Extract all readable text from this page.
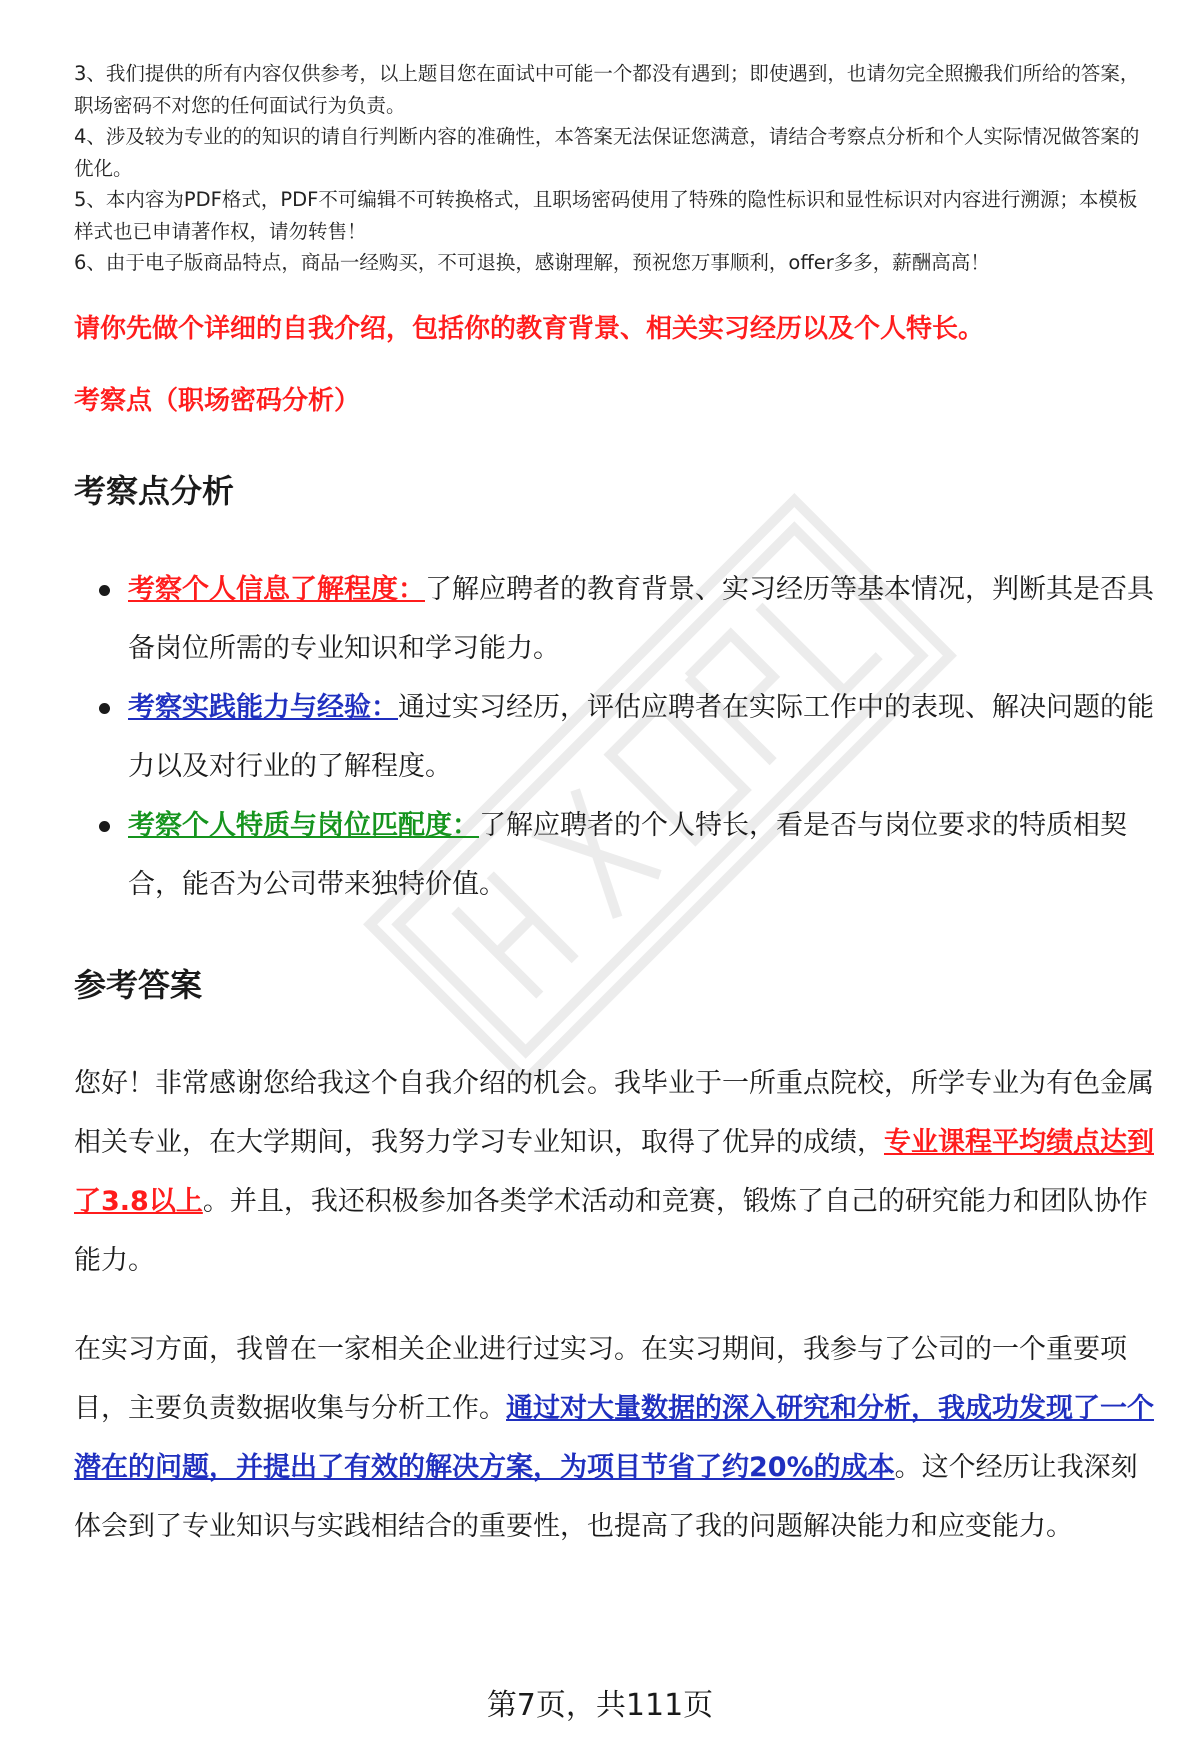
3、我们提供的所有内容仅供参考，以上题目您在面试中可能一个都没有遇到；即使遇到，也请勿完全照搬我们所给的答案，职场密码不对您的任何面试行为负责。

4、涉及较为专业的的知识的请自行判断内容的准确性，本答案无法保证您满意，请结合考察点分析和个人实际情况做答案的优化。

5、本内容为PDF格式，PDF不可编辑不可转换格式，且职场密码使用了特殊的隐性标识和显性标识对内容进行溯源；本模板样式也已申请著作权，请勿转售！

6、由于电子版商品特点，商品一经购买，不可退换，感谢理解，预祝您万事顺利，offer多多，薪酬高高！

请你先做个详细的自我介绍，包括你的教育背景、相关实习经历以及个人特长。

考察点（职场密码分析）

考察点分析
考察个人信息了解程度：了解应聘者的教育背景、实习经历等基本情况，判断其是否具备岗位所需的专业知识和学习能力。
考察实践能力与经验：通过实习经历，评估应聘者在实际工作中的表现、解决问题的能力以及对行业的了解程度。
考察个人特质与岗位匹配度：了解应聘者的个人特长，看是否与岗位要求的特质相契合，能否为公司带来独特价值。
参考答案

您好！非常感谢您给我这个自我介绍的机会。我毕业于一所重点院校，所学专业为有色金属相关专业，在大学期间，我努力学习专业知识，取得了优异的成绩，专业课程平均绩点达到了3.8以上。并且，我还积极参加各类学术活动和竞赛，锻炼了自己的研究能力和团队协作能力。

在实习方面，我曾在一家相关企业进行过实习。在实习期间，我参与了公司的一个重要项目，主要负责数据收集与分析工作。通过对大量数据的深入研究和分析，我成功发现了一个潜在的问题，并提出了有效的解决方案，为项目节省了约20%的成本。这个经历让我深刻体会到了专业知识与实践相结合的重要性，也提高了我的问题解决能力和应变能力。

第7页，共111页
